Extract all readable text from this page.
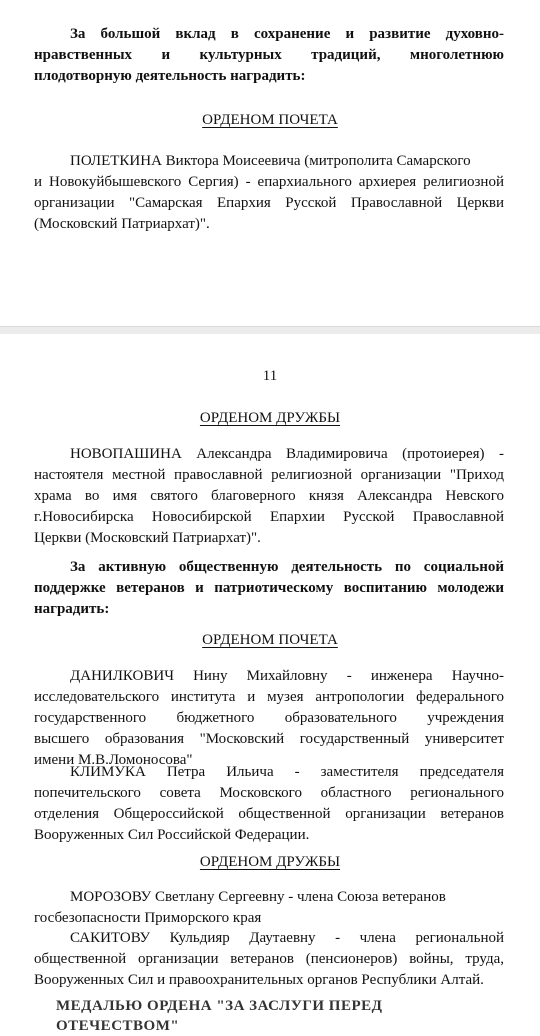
За большой вклад в сохранение и развитие духовно-
нравственных и культурных традиций, многолетнюю
плодотворную деятельность наградить:
ОРДЕНОМ ПОЧЕТА
ПОЛЕТКИНА Виктора Моисеевича (митрополита Самарского
и Новокуйбышевского Сергия) - епархиального архиерея религиозной
организации "Самарская Епархия Русской Православной Церкви
(Московский Патриархат)".
11
ОРДЕНОМ ДРУЖБЫ
НОВОПАШИНА Александра Владимировича (протоиерея) -
настоятеля местной православной религиозной организации "Приход
храма во имя святого благоверного князя Александра Невского
г.Новосибирска Новосибирской Епархии Русской Православной
Церкви (Московский Патриархат)".
За активную общественную деятельность по социальной
поддержке ветеранов и патриотическому воспитанию молодежи
наградить:
ОРДЕНОМ ПОЧЕТА
ДАНИЛКОВИЧ Нину Михайловну - инженера Научно-
исследовательского института и музея антропологии федерального
государственного бюджетного образовательного учреждения
высшего образования "Московский государственный университет
имени М.В.Ломоносова"
КЛИМУКА Петра Ильича - заместителя председателя
попечительского совета Московского областного регионального
отделения Общероссийской общественной организации ветеранов
Вооруженных Сил Российской Федерации.
ОРДЕНОМ ДРУЖБЫ
МОРОЗОВУ Светлану Сергеевну - члена Союза ветеранов
госбезопасности Приморского края
САКИТОВУ Кульдияр Даутаевну - члена региональной
общественной организации ветеранов (пенсионеров) войны, труда,
Вооруженных Сил и правоохранительных органов Республики Алтай.
МЕДАЛЬЮ ОРДЕНА "ЗА ЗАСЛУГИ ПЕРЕД ОТЕЧЕСТВОМ"
